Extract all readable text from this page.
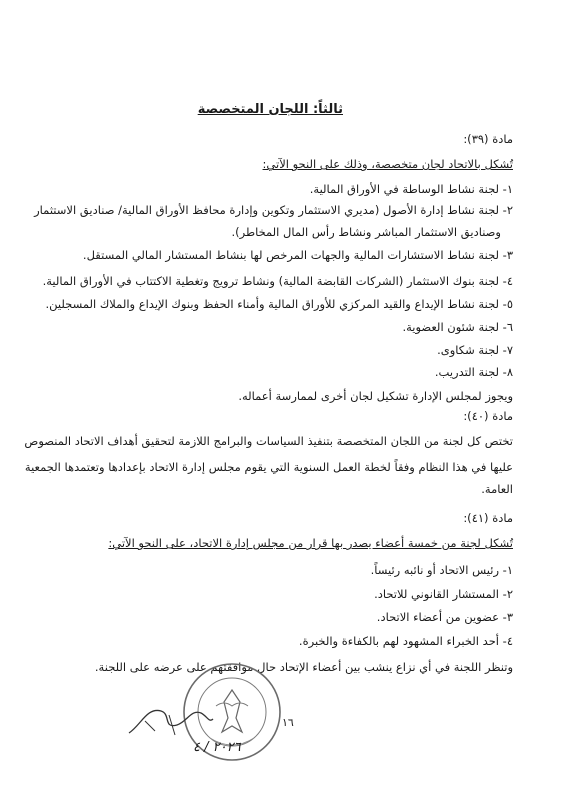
ثالثاً: اللجان المتخصصة
مادة (٣٩):
تُشكل بالاتحاد لجان متخصصة، وذلك على النحو الآتي:
١- لجنة نشاط الوساطة في الأوراق المالية.
٢- لجنة نشاط إدارة الأصول (مديري الاستثمار وتكوين وإدارة محافظ الأوراق المالية/ صناديق الاستثمار
وصناديق الاستثمار المباشر ونشاط رأس المال المخاطر).
٣- لجنة نشاط الاستشارات المالية والجهات المرخص لها بنشاط المستشار المالي المستقل.
٤- لجنة بنوك الاستثمار (الشركات القابضة المالية) ونشاط ترويج وتغطية الاكتتاب في الأوراق المالية.
٥- لجنة نشاط الإيداع والقيد المركزي للأوراق المالية وأمناء الحفظ وبنوك الإيداع والملاك المسجلين.
٦- لجنة شئون العضوية.
٧- لجنة شكاوى.
٨- لجنة التدريب.
ويجوز لمجلس الإدارة تشكيل لجان أخرى لممارسة أعماله.
مادة (٤٠):
تختص كل لجنة من اللجان المتخصصة بتنفيذ السياسات والبرامج اللازمة لتحقيق أهداف الاتحاد المنصوص
عليها في هذا النظام وفقاً لخطة العمل السنوية التي يقوم مجلس إدارة الاتحاد بإعدادها وتعتمدها الجمعية
العامة.
مادة (٤١):
تُشكل لجنة من خمسة أعضاء يصدر بها قرار من مجلس إدارة الاتحاد، على النحو الآتي:
١- رئيس الاتحاد أو نائبه رئيساً.
٢- المستشار القانوني للاتحاد.
٣- عضوين من أعضاء الاتحاد.
٤- أحد الخبراء المشهود لهم بالكفاءة والخبرة.
وتنظر اللجنة في أي نزاع ينشب بين أعضاء الإتحاد حال موافقتهم على عرضه على اللجنة.
١٦
٢٠٢٦ / ٤
